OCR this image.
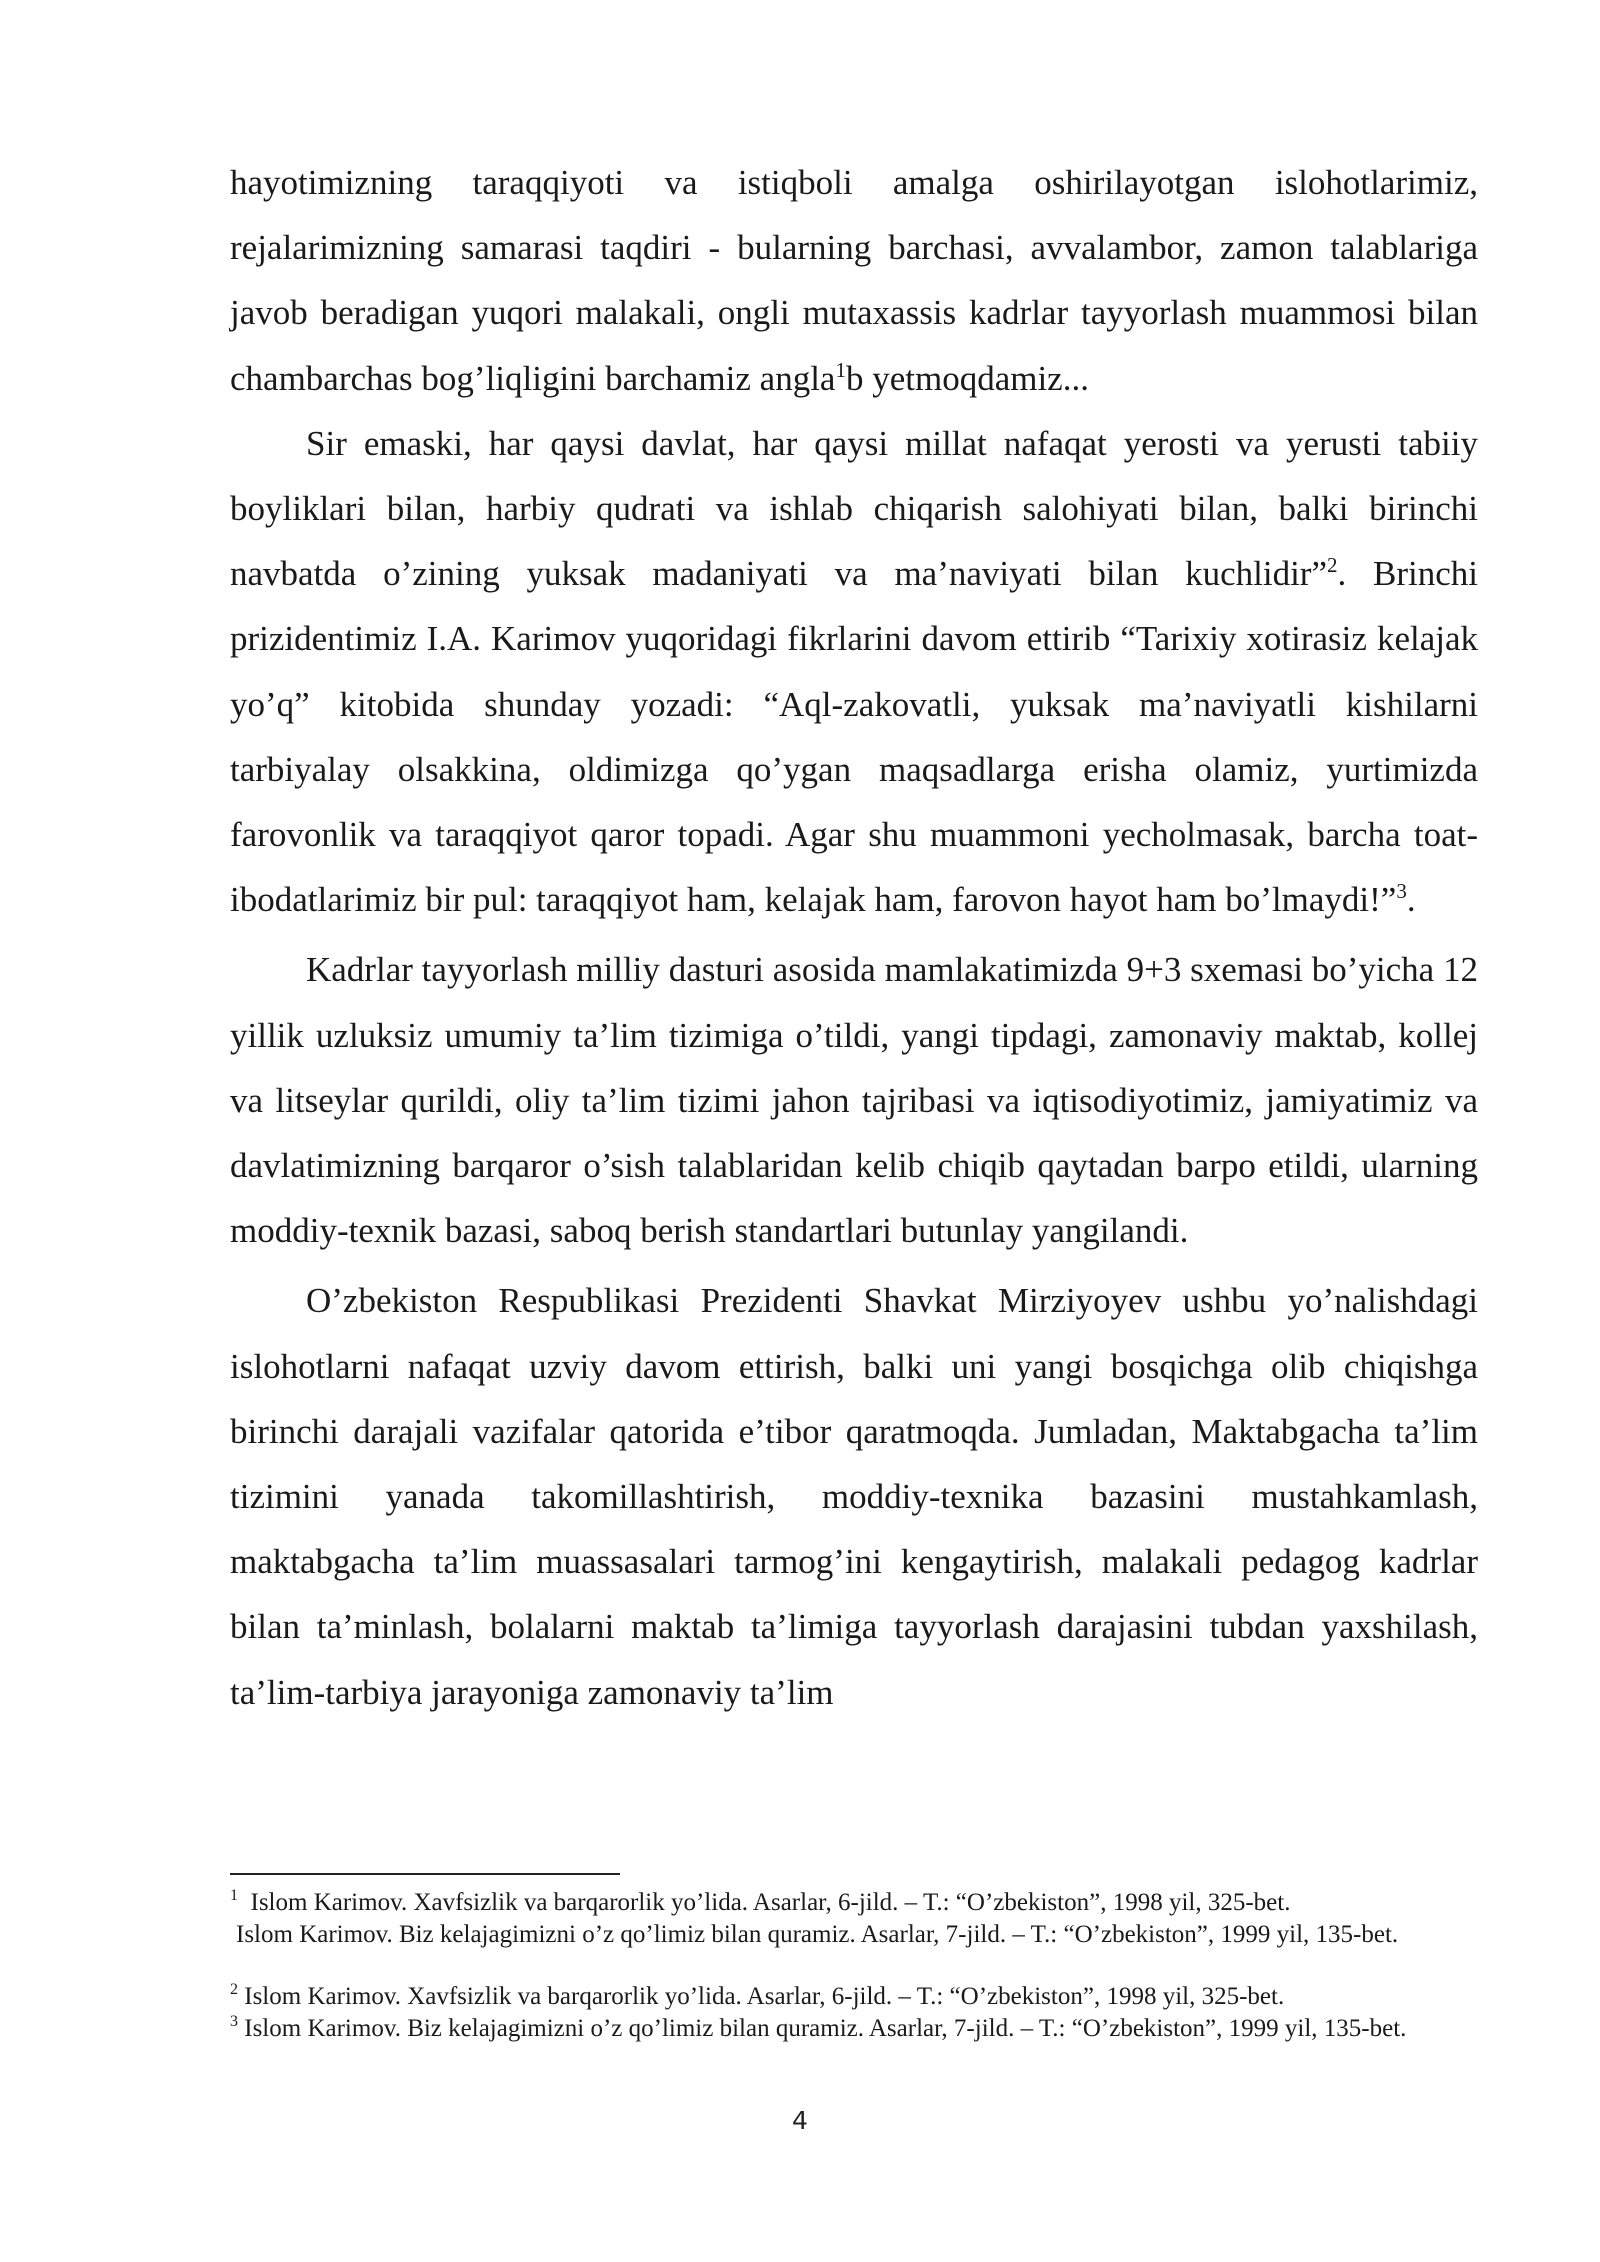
hayotimizning taraqqiyoti va istiqboli amalga oshirilayotgan islohotlarimiz, rejalarimizning samarasi taqdiri - bularning barchasi, avvalambor, zamon talablariga javob beradigan yuqori malakali, ongli mutaxassis kadrlar tayyorlash muammosi bilan chambarchas bog’liqligini barchamiz angla$^1$b yetmoqdamiz...

Sir emaski, har qaysi davlat, har qaysi millat nafaqat yerosti va yerusti tabiiy boyliklari bilan, harbiy qudrati va ishlab chiqarish salohiyati bilan, balki birinchi navbatda o’zining yuksak madaniyati va ma’naviyati bilan kuchlidir”$^2$. Brinchi prizidentimiz I.A. Karimov yuqoridagi fikrlarini davom ettirib “Tarixiy xotirasiz kelajak yo’q” kitobida shunday yozadi: “Aql-zakovatli, yuksak ma’naviyatli kishilarni tarbiyalay olsakkina, oldimizga qo’ygan maqsadlarga erisha olamiz, yurtimizda farovonlik va taraqqiyot qaror topadi. Agar shu muammoni yecholmasak, barcha toat-ibodatlarimiz bir pul: taraqqiyot ham, kelajak ham, farovon hayot ham bo’lmaydi!”$^3$.

Kadrlar tayyorlash milliy dasturi asosida mamlakatimizda 9+3 sxemasi bo’yicha 12 yillik uzluksiz umumiy ta’lim tizimiga o’tildi, yangi tipdagi, zamonaviy maktab, kollej va litseylar qurildi, oliy ta’lim tizimi jahon tajribasi va iqtisodiyotimiz, jamiyatimiz va davlatimizning barqaror o’sish talablaridan kelib chiqib qaytadan barpo etildi, ularning moddiy-texnik bazasi, saboq berish standartlari butunlay yangilandi.

O’zbekiston Respublikasi Prezidenti Shavkat Mirziyoyev ushbu yo’nalishdagi islohotlarni nafaqat uzviy davom ettirish, balki uni yangi bosqichga olib chiqishga birinchi darajali vazifalar qatorida e’tibor qaratmoqda. Jumladan, Maktabgacha ta’lim tizimini yanada takomillashtirish, moddiy-texnika bazasini mustahkamlash, maktabgacha ta’lim muassasalari tarmog’ini kengaytirish, malakali pedagog kadrlar bilan ta’minlash, bolalarni maktab ta’limiga tayyorlash darajasini tubdan yaxshilash, ta’lim-tarbiya jarayoniga zamonaviy ta’lim

$^1$ Islom Karimov. Xavfsizlik va barqarorlik yo’lida. Asarlar, 6-jild. – T.: “O’zbekiston”, 1998 yil, 325-bet.
Islom Karimov. Biz kelajagimizni o’z qo’limiz bilan quramiz. Asarlar, 7-jild. – T.: “O’zbekiston”, 1999 yil, 135-bet.

$^2$ Islom Karimov. Xavfsizlik va barqarorlik yo’lida. Asarlar, 6-jild. – T.: “O’zbekiston”, 1998 yil, 325-bet.

$^3$ Islom Karimov. Biz kelajagimizni o’z qo’limiz bilan quramiz. Asarlar, 7-jild. – T.: “O’zbekiston”, 1999 yil, 135-bet.

4
